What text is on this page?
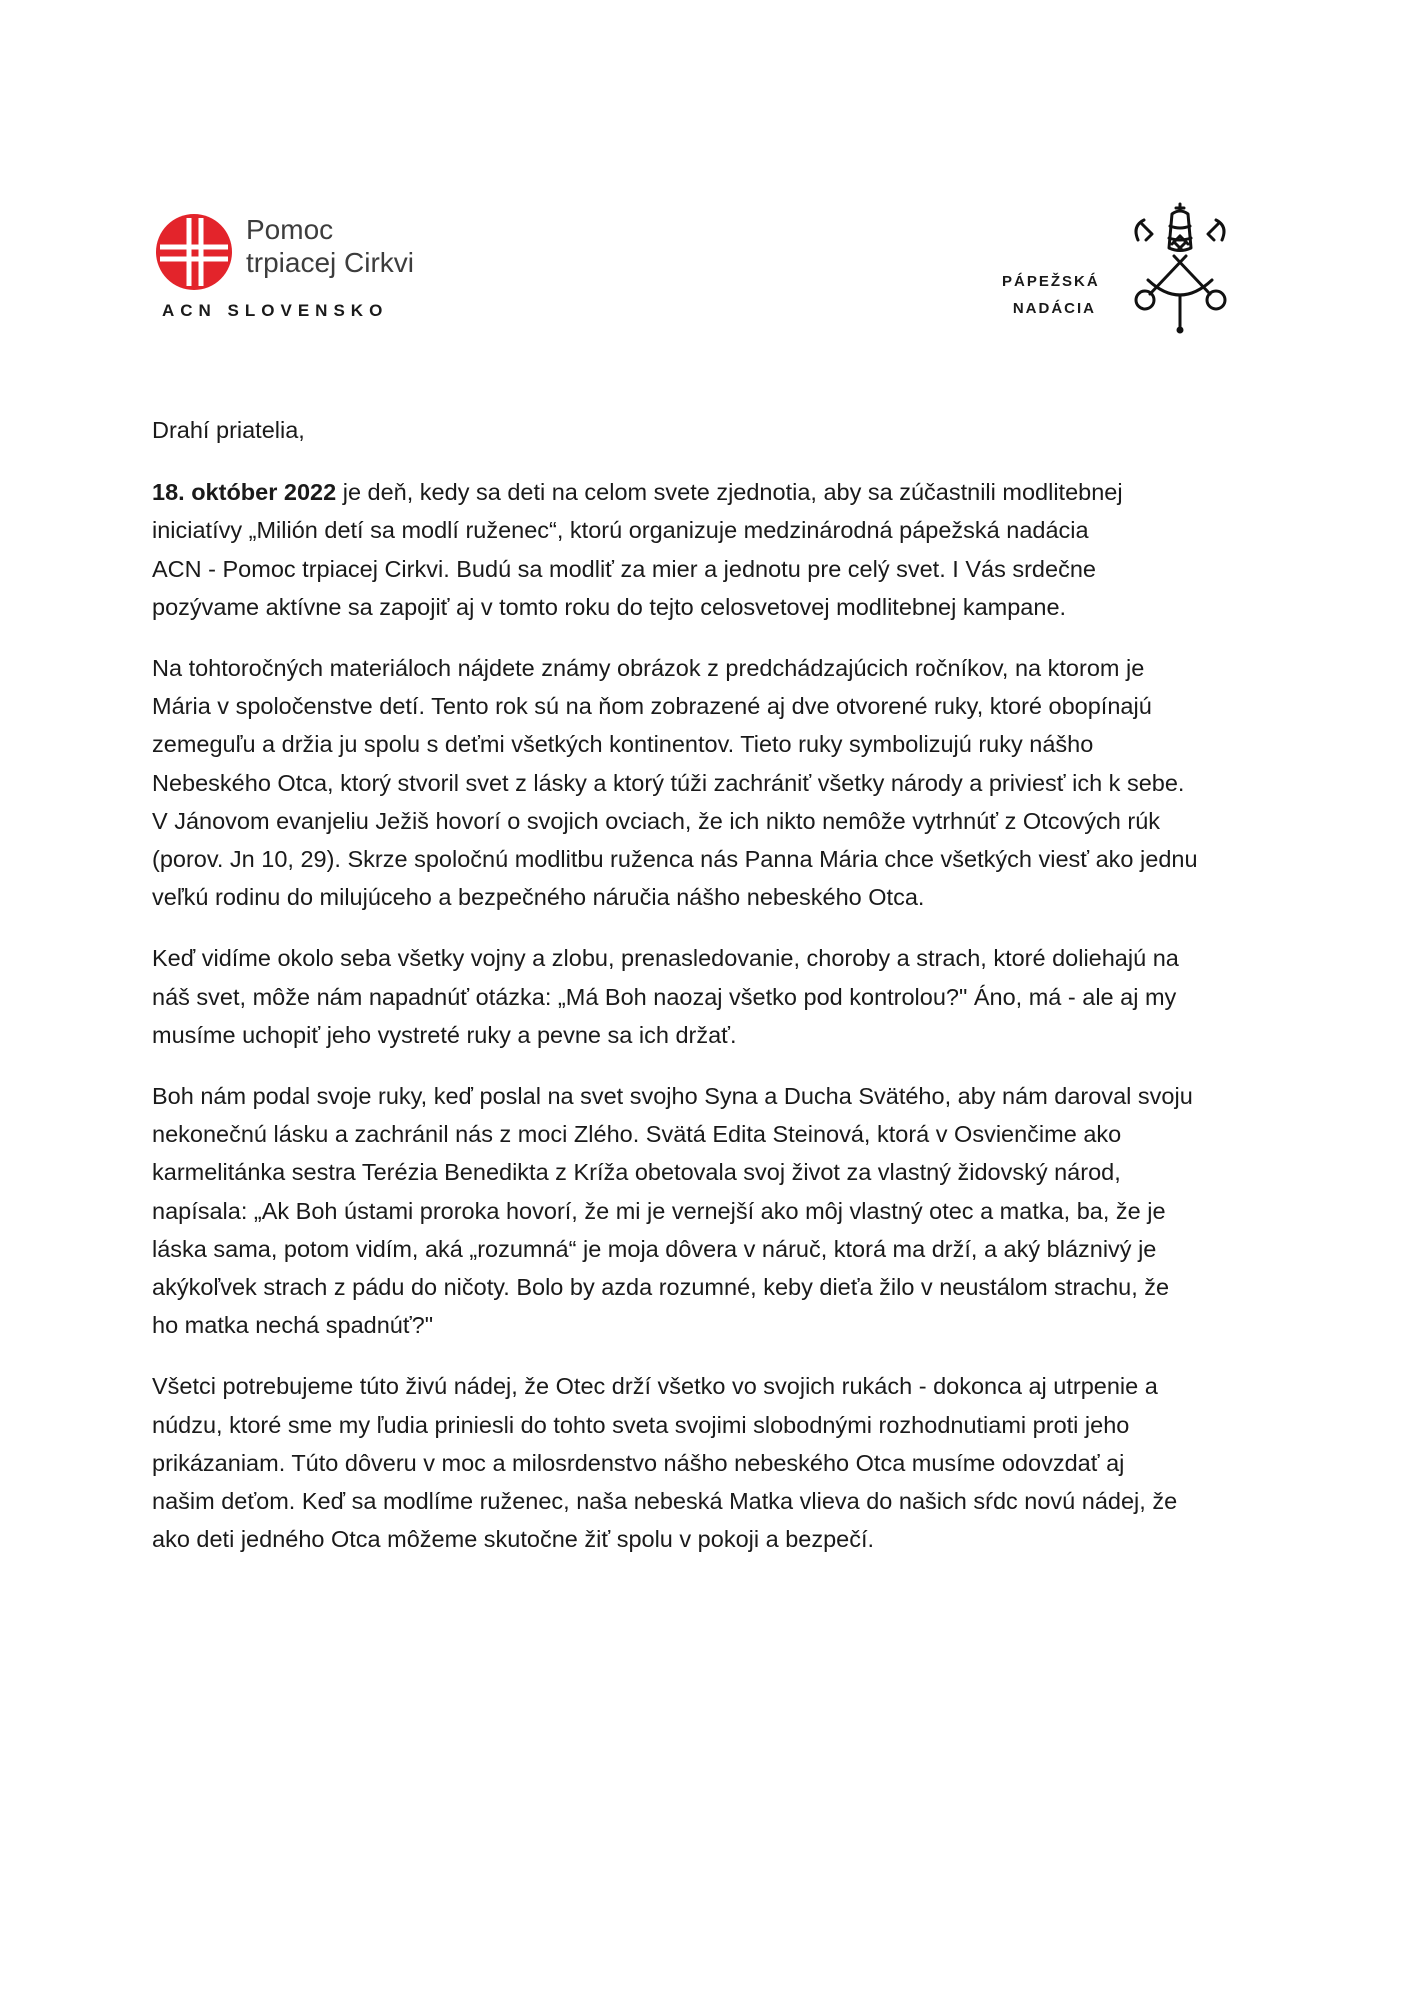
Pomoc
trpiacej Cirkvi
ACN SLOVENSKO
PÁPEŽSKÁ
NADÁCIA

Drahí priatelia,

18. október 2022 je deň, kedy sa deti na celom svete zjednotia, aby sa zúčastnili modlitebnej
iniciatívy „Milión detí sa modlí ruženec“, ktorú organizuje medzinárodná pápežská nadácia
ACN - Pomoc trpiacej Cirkvi. Budú sa modliť za mier a jednotu pre celý svet. I Vás srdečne
pozývame aktívne sa zapojiť aj v tomto roku do tejto celosvetovej modlitebnej kampane.

Na tohtoročných materiáloch nájdete známy obrázok z predchádzajúcich ročníkov, na ktorom je
Mária v spoločenstve detí. Tento rok sú na ňom zobrazené aj dve otvorené ruky, ktoré obopínajú
zemeguľu a držia ju spolu s deťmi všetkých kontinentov. Tieto ruky symbolizujú ruky nášho
Nebeského Otca, ktorý stvoril svet z lásky a ktorý túži zachrániť všetky národy a priviesť ich k sebe.
V Jánovom evanjeliu Ježiš hovorí o svojich ovciach, že ich nikto nemôže vytrhnúť z Otcových rúk
(porov. Jn 10, 29). Skrze spoločnú modlitbu ruženca nás Panna Mária chce všetkých viesť ako jednu
veľkú rodinu do milujúceho a bezpečného náručia nášho nebeského Otca.

Keď vidíme okolo seba všetky vojny a zlobu, prenasledovanie, choroby a strach, ktoré doliehajú na
náš svet, môže nám napadnúť otázka: „Má Boh naozaj všetko pod kontrolou?" Áno, má - ale aj my
musíme uchopiť jeho vystreté ruky a pevne sa ich držať.

Boh nám podal svoje ruky, keď poslal na svet svojho Syna a Ducha Svätého, aby nám daroval svoju
nekonečnú lásku a zachránil nás z moci Zlého. Svätá Edita Steinová, ktorá v Osvienčime ako
karmelitánka sestra Terézia Benedikta z Kríža obetovala svoj život za vlastný židovský národ,
napísala: „Ak Boh ústami proroka hovorí, že mi je vernejší ako môj vlastný otec a matka, ba, že je
láska sama, potom vidím, aká „rozumná“ je moja dôvera v náruč, ktorá ma drží, a aký bláznivý je
akýkoľvek strach z pádu do ničoty. Bolo by azda rozumné, keby dieťa žilo v neustálom strachu, že
ho matka nechá spadnúť?"

Všetci potrebujeme túto živú nádej, že Otec drží všetko vo svojich rukách - dokonca aj utrpenie a
núdzu, ktoré sme my ľudia priniesli do tohto sveta svojimi slobodnými rozhodnutiami proti jeho
prikázaniam. Túto dôveru v moc a milosrdenstvo nášho nebeského Otca musíme odovzdať aj
našim deťom. Keď sa modlíme ruženec, naša nebeská Matka vlieva do našich sŕdc novú nádej, že
ako deti jedného Otca môžeme skutočne žiť spolu v pokoji a bezpečí.
